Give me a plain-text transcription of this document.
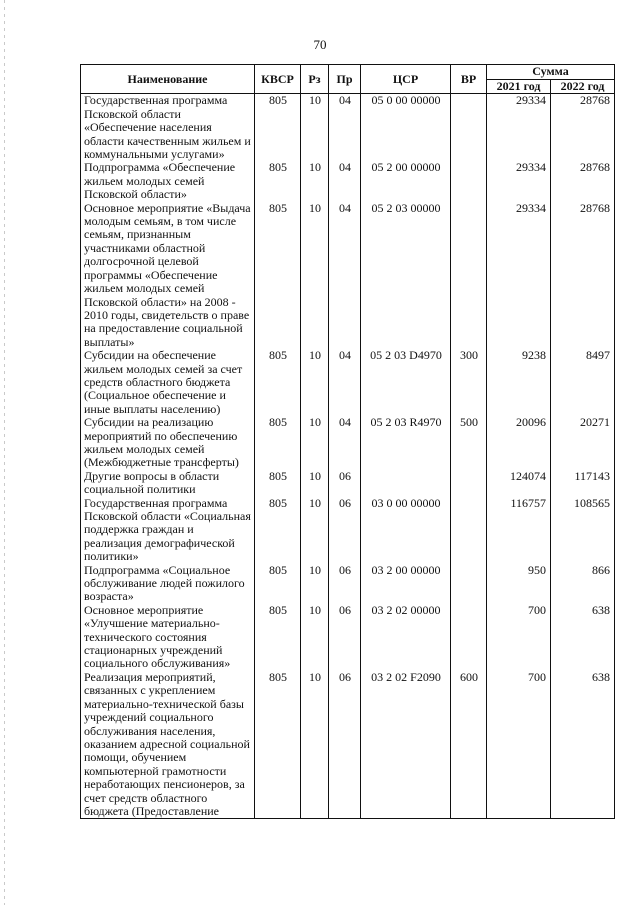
70
Наименование	КВСР	Рз	Пр	ЦСР	ВР	Сумма	
						2021 год	2022 год
Государственная программа Псковской области «Обеспечение населения области качественным жильем и коммунальными услугами»	805	10	04	05 0 00 00000		29334	28768
Подпрограмма «Обеспечение жильем молодых семей Псковской области»	805	10	04	05 2 00 00000		29334	28768
Основное мероприятие «Выдача молодым семьям, в том числе семьям, признанным участниками областной долгосрочной целевой программы «Обеспечение жильем молодых семей Псковской области» на 2008 - 2010 годы, свидетельств о праве на предоставление социальной выплаты»	805	10	04	05 2 03 00000		29334	28768
Субсидии на обеспечение жильем молодых семей за счет средств областного бюджета (Социальное обеспечение и иные выплаты населению)	805	10	04	05 2 03 D4970	300	9238	8497
Субсидии на реализацию мероприятий по обеспечению жильем молодых семей (Межбюджетные трансферты)	805	10	04	05 2 03 R4970	500	20096	20271
Другие вопросы в области социальной политики	805	10	06			124074	117143
Государственная программа Псковской области «Социальная поддержка граждан и реализация демографической политики»	805	10	06	03 0 00 00000		116757	108565
Подпрограмма «Социальное обслуживание людей пожилого возраста»	805	10	06	03 2 00 00000		950	866
Основное мероприятие «Улучшение материально-технического состояния стационарных учреждений социального обслуживания»	805	10	06	03 2 02 00000		700	638
Реализация мероприятий, связанных с укреплением материально-технической базы учреждений социального обслуживания населения, оказанием адресной социальной помощи, обучением компьютерной грамотности неработающих пенсионеров, за счет средств областного бюджета (Предоставление	805	10	06	03 2 02 F2090	600	700	638
